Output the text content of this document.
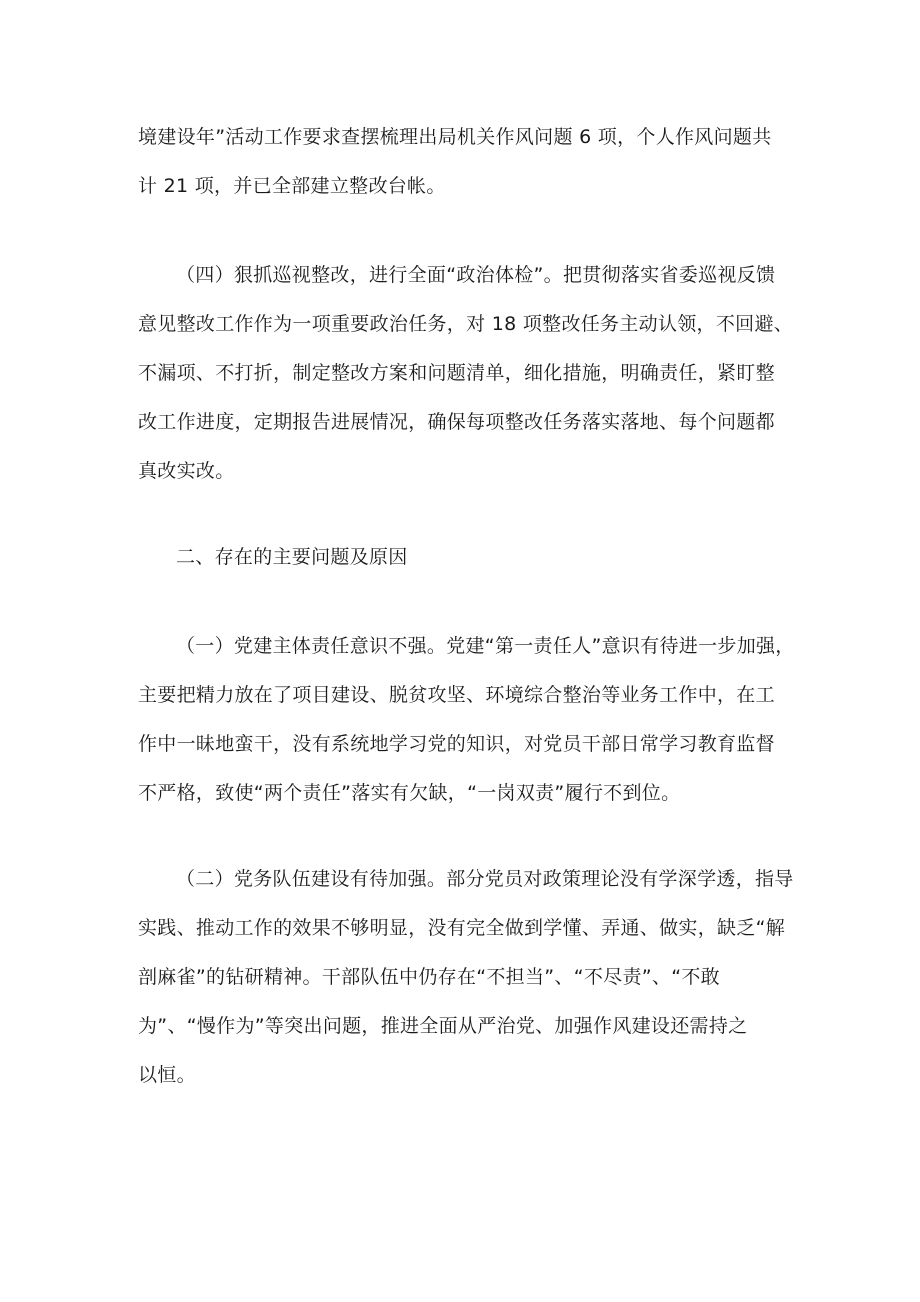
境建设年”活动工作要求查摆梳理出局机关作风问题 6 项，个人作风问题共
计 21 项，并已全部建立整改台帐。
（四）狠抓巡视整改，进行全面“政治体检”。把贯彻落实省委巡视反馈
意见整改工作作为一项重要政治任务，对 18 项整改任务主动认领，不回避、
不漏项、不打折，制定整改方案和问题清单，细化措施，明确责任，紧盯整
改工作进度，定期报告进展情况，确保每项整改任务落实落地、每个问题都
真改实改。
二、存在的主要问题及原因
（一）党建主体责任意识不强。党建“第一责任人”意识有待进一步加强，
主要把精力放在了项目建设、脱贫攻坚、环境综合整治等业务工作中，在工
作中一昧地蛮干，没有系统地学习党的知识，对党员干部日常学习教育监督
不严格，致使“两个责任”落实有欠缺，“一岗双责”履行不到位。
（二）党务队伍建设有待加强。部分党员对政策理论没有学深学透，指导
实践、推动工作的效果不够明显，没有完全做到学懂、弄通、做实，缺乏“解
剖麻雀”的钻研精神。干部队伍中仍存在“不担当”、“不尽责”、“不敢
为”、“慢作为”等突出问题，推进全面从严治党、加强作风建设还需持之
以恒。
